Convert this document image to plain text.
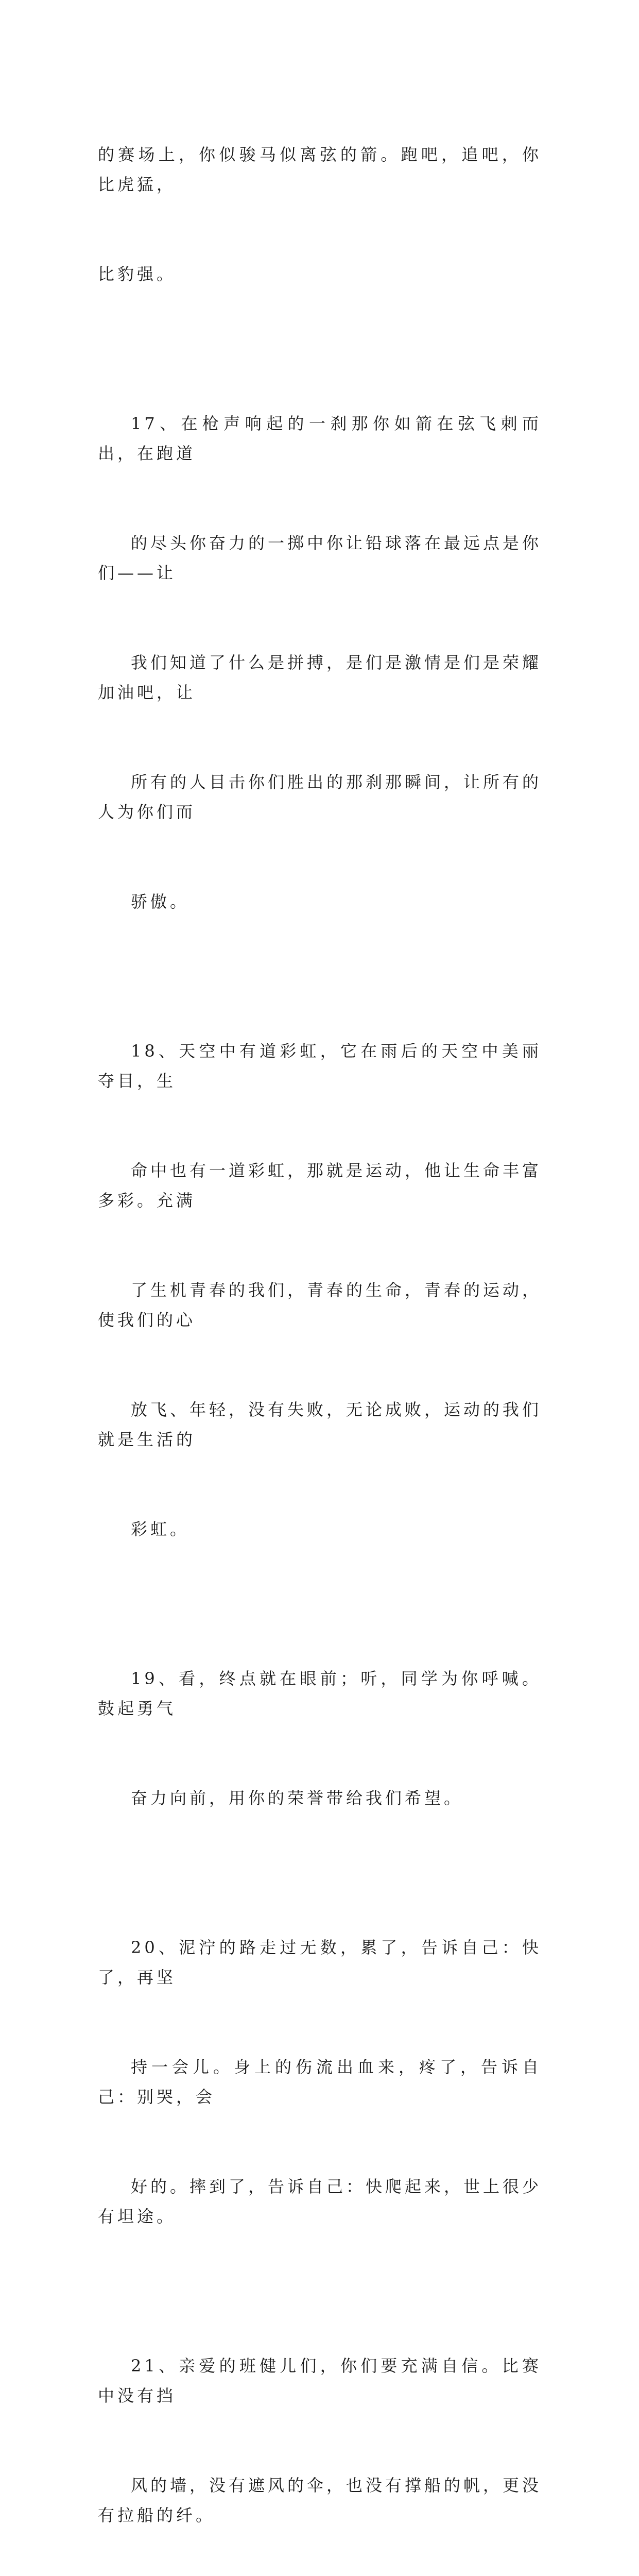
的赛场上，你似骏马似离弦的箭。跑吧，追吧，你比虎猛，

比豹强。

17、在枪声响起的一刹那你如箭在弦飞刺而出，在跑道

的尽头你奋力的一掷中你让铅球落在最远点是你们——让

我们知道了什么是拼搏，是们是激情是们是荣耀加油吧，让

所有的人目击你们胜出的那刹那瞬间，让所有的人为你们而

骄傲。

18、天空中有道彩虹，它在雨后的天空中美丽夺目，生

命中也有一道彩虹，那就是运动，他让生命丰富多彩。充满

了生机青春的我们，青春的生命，青春的运动，使我们的心

放飞、年轻，没有失败，无论成败，运动的我们就是生活的

彩虹。

19、看，终点就在眼前；听，同学为你呼喊。鼓起勇气

奋力向前，用你的荣誉带给我们希望。

20、泥泞的路走过无数，累了，告诉自己：快了，再坚

持一会儿。身上的伤流出血来，疼了，告诉自己：别哭，会

好的。摔到了，告诉自己：快爬起来，世上很少有坦途。

21、亲爱的班健儿们，你们要充满自信。比赛中没有挡

风的墙，没有遮风的伞，也没有撑船的帆，更没有拉船的纤。
